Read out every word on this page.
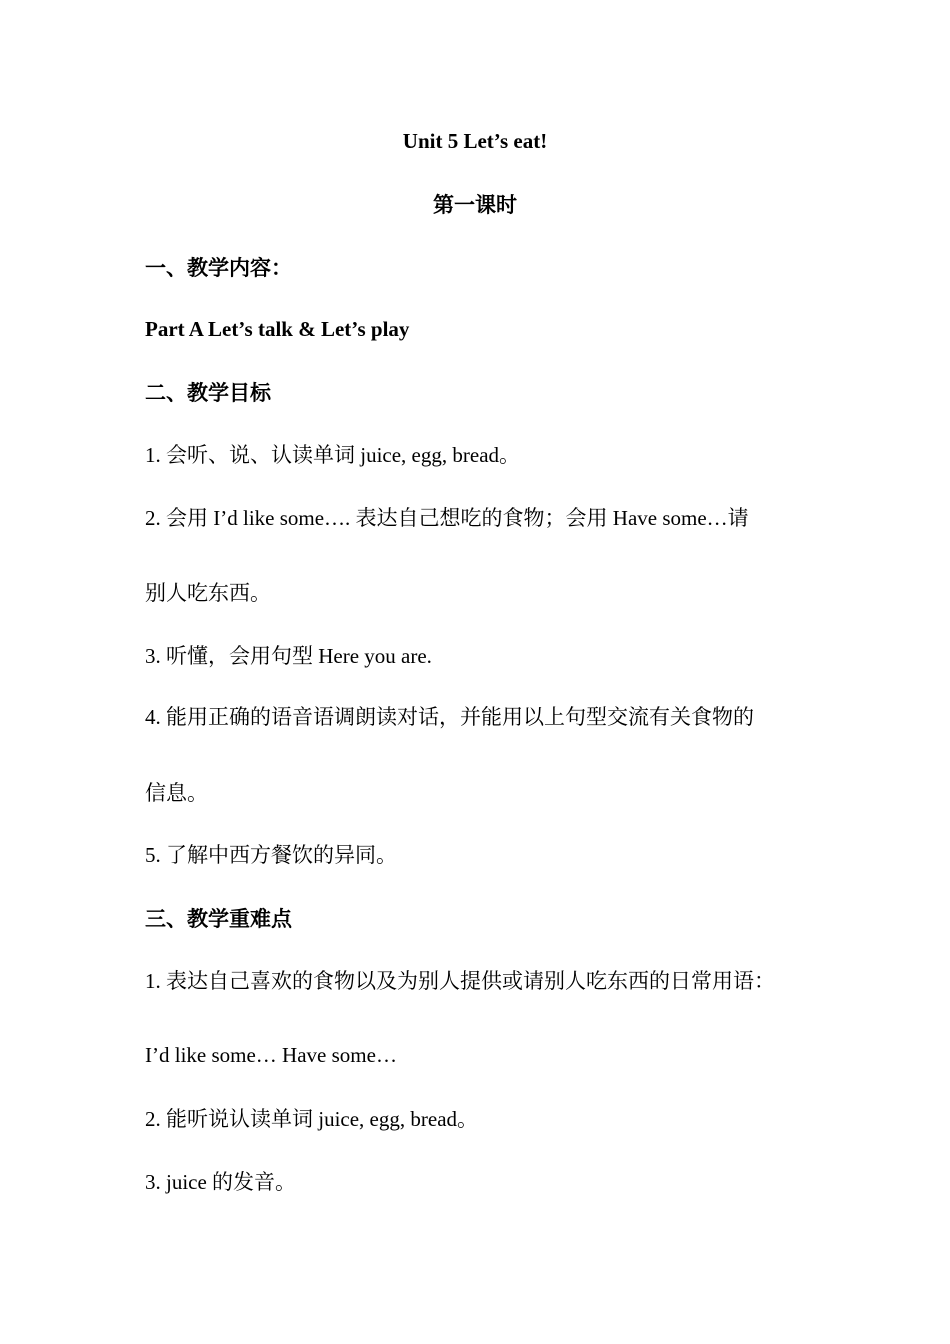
Unit 5 Let’s eat!
第一课时
一、教学内容：
Part A Let’s talk & Let’s play
二、教学目标
1. 会听、说、认读单词 juice, egg, bread。
2. 会用 I’d like some…. 表达自己想吃的食物；会用 Have some…请
别人吃东西。
3. 听懂，会用句型 Here you are.
4. 能用正确的语音语调朗读对话，并能用以上句型交流有关食物的
信息。
5. 了解中西方餐饮的异同。
三、教学重难点
1. 表达自己喜欢的食物以及为别人提供或请别人吃东西的日常用语：
I’d like some… Have some…
2. 能听说认读单词 juice, egg, bread。
3. juice 的发音。
